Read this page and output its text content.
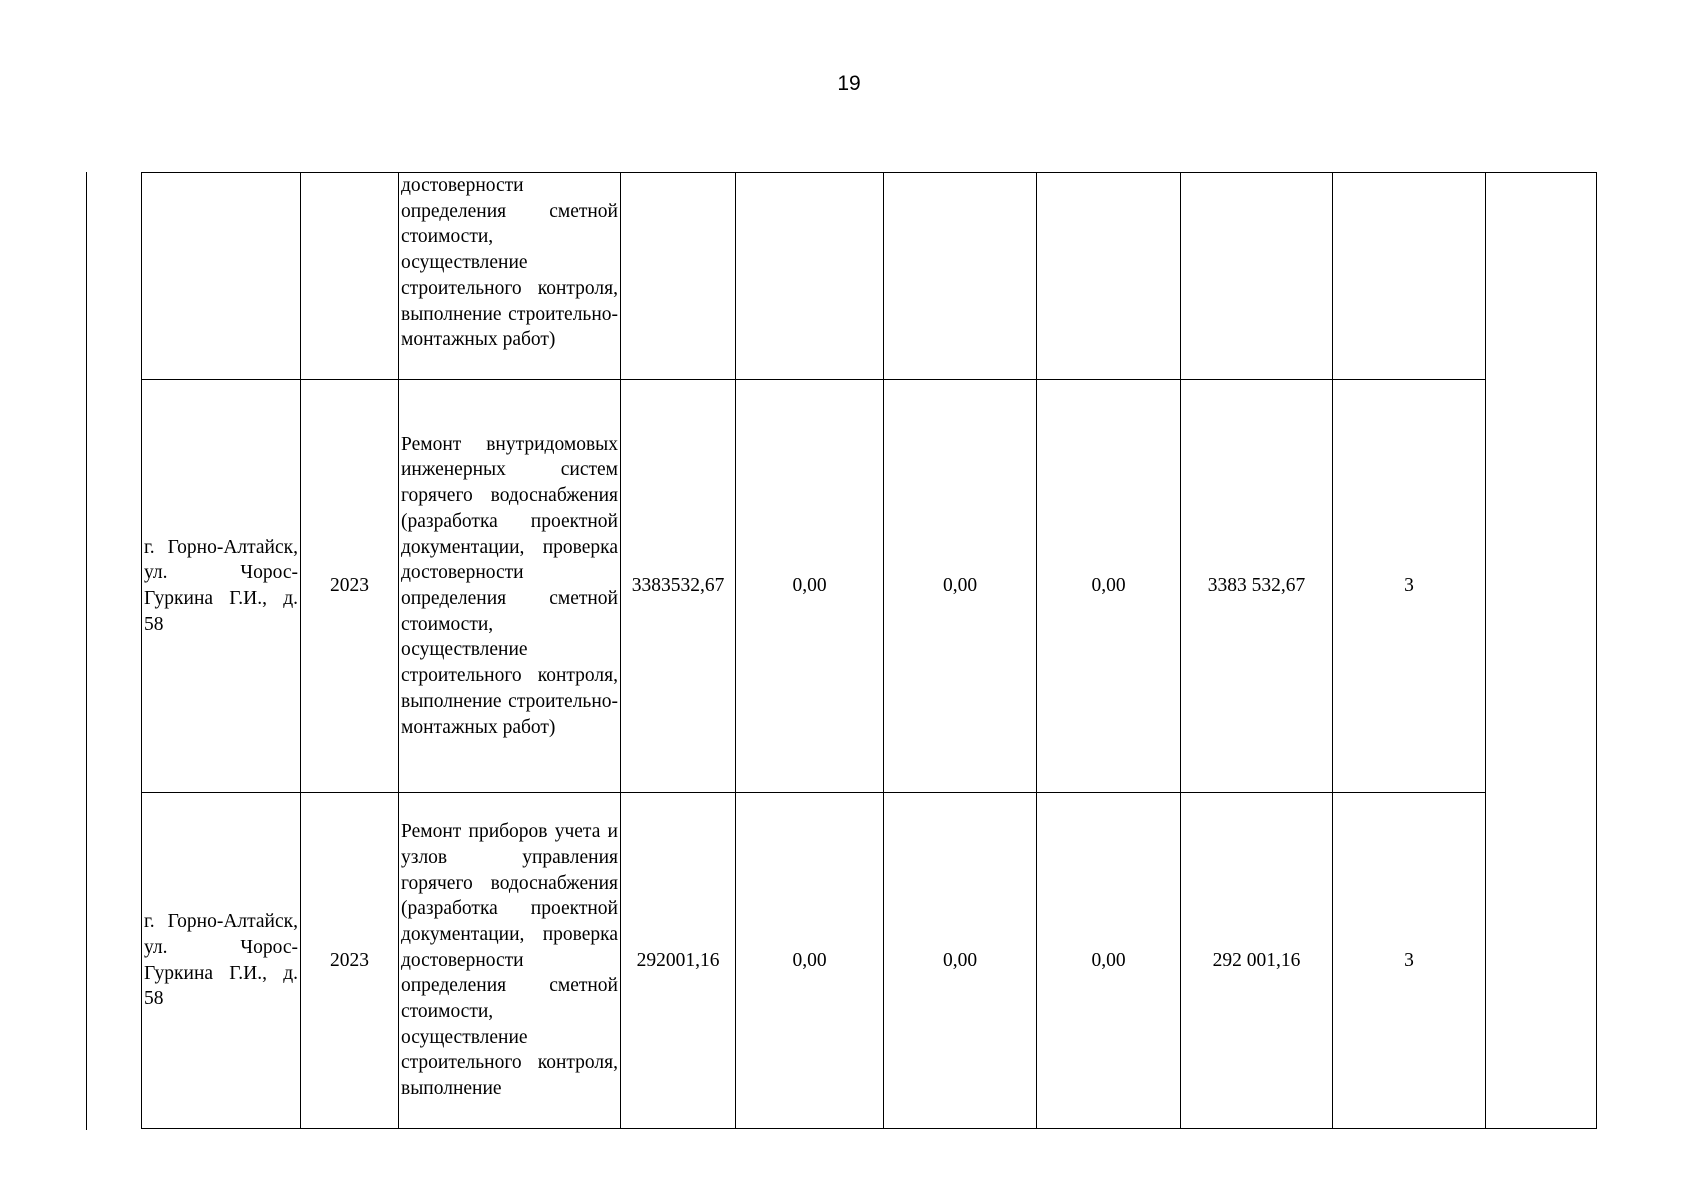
19
		достоверности определения сметной стоимости, осуществление строительного контроля, выполнение строительно-монтажных работ)							
г. Горно-Алтайск, ул. Чорос-Гуркина Г.И., д. 58	2023	Ремонт внутридомовых инженерных систем горячего водоснабжения (разработка проектной документации, проверка достоверности определения сметной стоимости, осуществление строительного контроля, выполнение строительно-монтажных работ)	3383532,67	0,00	0,00	0,00	3383 532,67	3	
г. Горно-Алтайск, ул. Чорос-Гуркина Г.И., д. 58	2023	Ремонт приборов учета и узлов управления горячего водоснабжения (разработка проектной документации, проверка достоверности определения сметной стоимости, осуществление строительного контроля, выполнение	292001,16	0,00	0,00	0,00	292 001,16	3	
